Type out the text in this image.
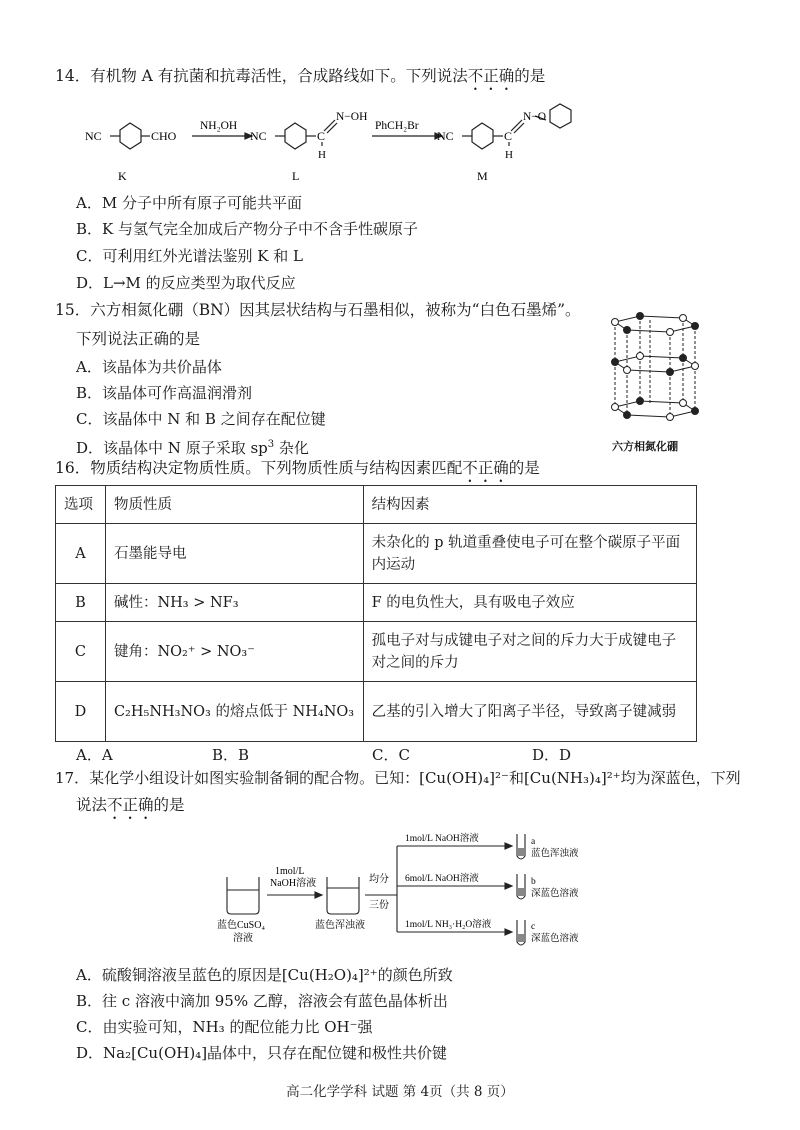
14．有机物 A 有抗菌和抗毒活性，合成路线如下。下列说法不正确的是
NC	CHO
NH₂OH
NC	C
N−OH
H
PhCH₂Br
NC	C
N−O
H
K	L	M
A．M 分子中所有原子可能共平面
B．K 与氢气完全加成后产物分子中不含手性碳原子
C．可利用红外光谱法鉴别 K 和 L
D．L→M 的反应类型为取代反应
15．六方相氮化硼（BN）因其层状结构与石墨相似，被称为“白色石墨烯”。
下列说法正确的是
A．该晶体为共价晶体
B．该晶体可作高温润滑剂
C．该晶体中 N 和 B 之间存在配位键
D．该晶体中 N 原子采取 $sp^3$ 杂化	六方相氮化硼
16．物质结构决定物质性质。下列物质性质与结构因素匹配不正确的是
选项	物质性质	结构因素
A	石墨能导电	未杂化的 p 轨道重叠使电子可在整个碳原子平面内运动
B	碱性：NH₃ > NF₃	F 的电负性大，具有吸电子效应
C	键角：NO₂⁺ > NO₃⁻	孤电子对与成键电子对之间的斥力大于成键电子对之间的斥力
D	C₂H₅NH₃NO₃ 的熔点低于 NH₄NO₃	乙基的引入增大了阳离子半径，导致离子键减弱
A．A	B．B	C．C	D．D
17．某化学小组设计如图实验制备铜的配合物。已知：[Cu(OH)₄]²⁻和[Cu(NH₃)₄]²⁺均为深蓝色，下列
说法不正确的是
1mol/L
NaOH溶液
蓝色CuSO₄
溶液
蓝色浑浊液
均分
三份
1mol/L NaOH溶液
6mol/L NaOH溶液
1mol/L NH₃·H₂O溶液
a
蓝色浑浊液
b
深蓝色溶液
c
深蓝色溶液
A．硫酸铜溶液呈蓝色的原因是[Cu(H₂O)₄]²⁺的颜色所致
B．往 c 溶液中滴加 95% 乙醇，溶液会有蓝色晶体析出
C．由实验可知，NH₃ 的配位能力比 OH⁻强
D．Na₂[Cu(OH)₄]晶体中，只存在配位键和极性共价键
高二化学学科 试题 第 4页（共 8 页）
